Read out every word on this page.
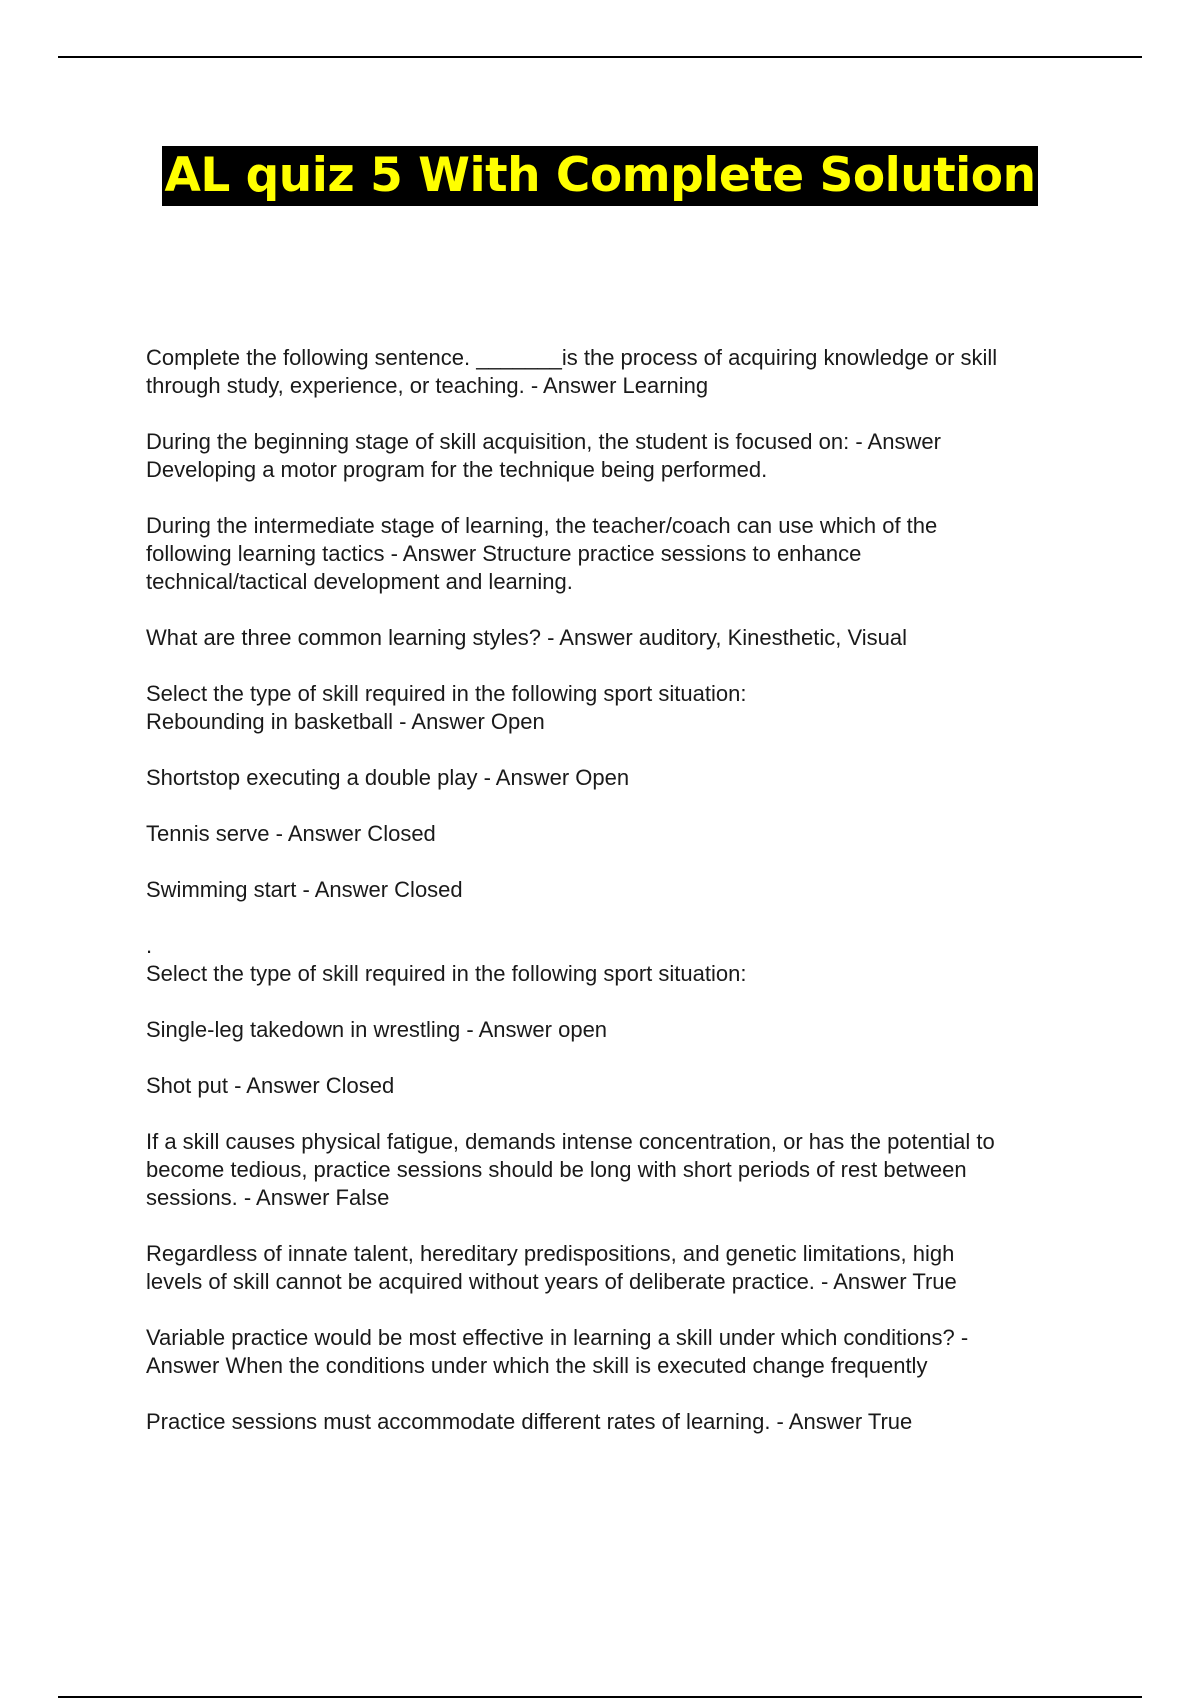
AL quiz 5 With Complete Solution

Complete the following sentence. _______is the process of acquiring knowledge or skill
through study, experience, or teaching. - Answer Learning

During the beginning stage of skill acquisition, the student is focused on: - Answer
Developing a motor program for the technique being performed.

During the intermediate stage of learning, the teacher/coach can use which of the
following learning tactics - Answer Structure practice sessions to enhance
technical/tactical development and learning.

What are three common learning styles? - Answer auditory, Kinesthetic, Visual

Select the type of skill required in the following sport situation:
Rebounding in basketball - Answer Open

Shortstop executing a double play - Answer Open

Tennis serve - Answer Closed

Swimming start - Answer Closed

.
Select the type of skill required in the following sport situation:

Single-leg takedown in wrestling - Answer open

Shot put - Answer Closed

If a skill causes physical fatigue, demands intense concentration, or has the potential to
become tedious, practice sessions should be long with short periods of rest between
sessions. - Answer False

Regardless of innate talent, hereditary predispositions, and genetic limitations, high
levels of skill cannot be acquired without years of deliberate practice. - Answer True

Variable practice would be most effective in learning a skill under which conditions? -
Answer When the conditions under which the skill is executed change frequently

Practice sessions must accommodate different rates of learning. - Answer True
